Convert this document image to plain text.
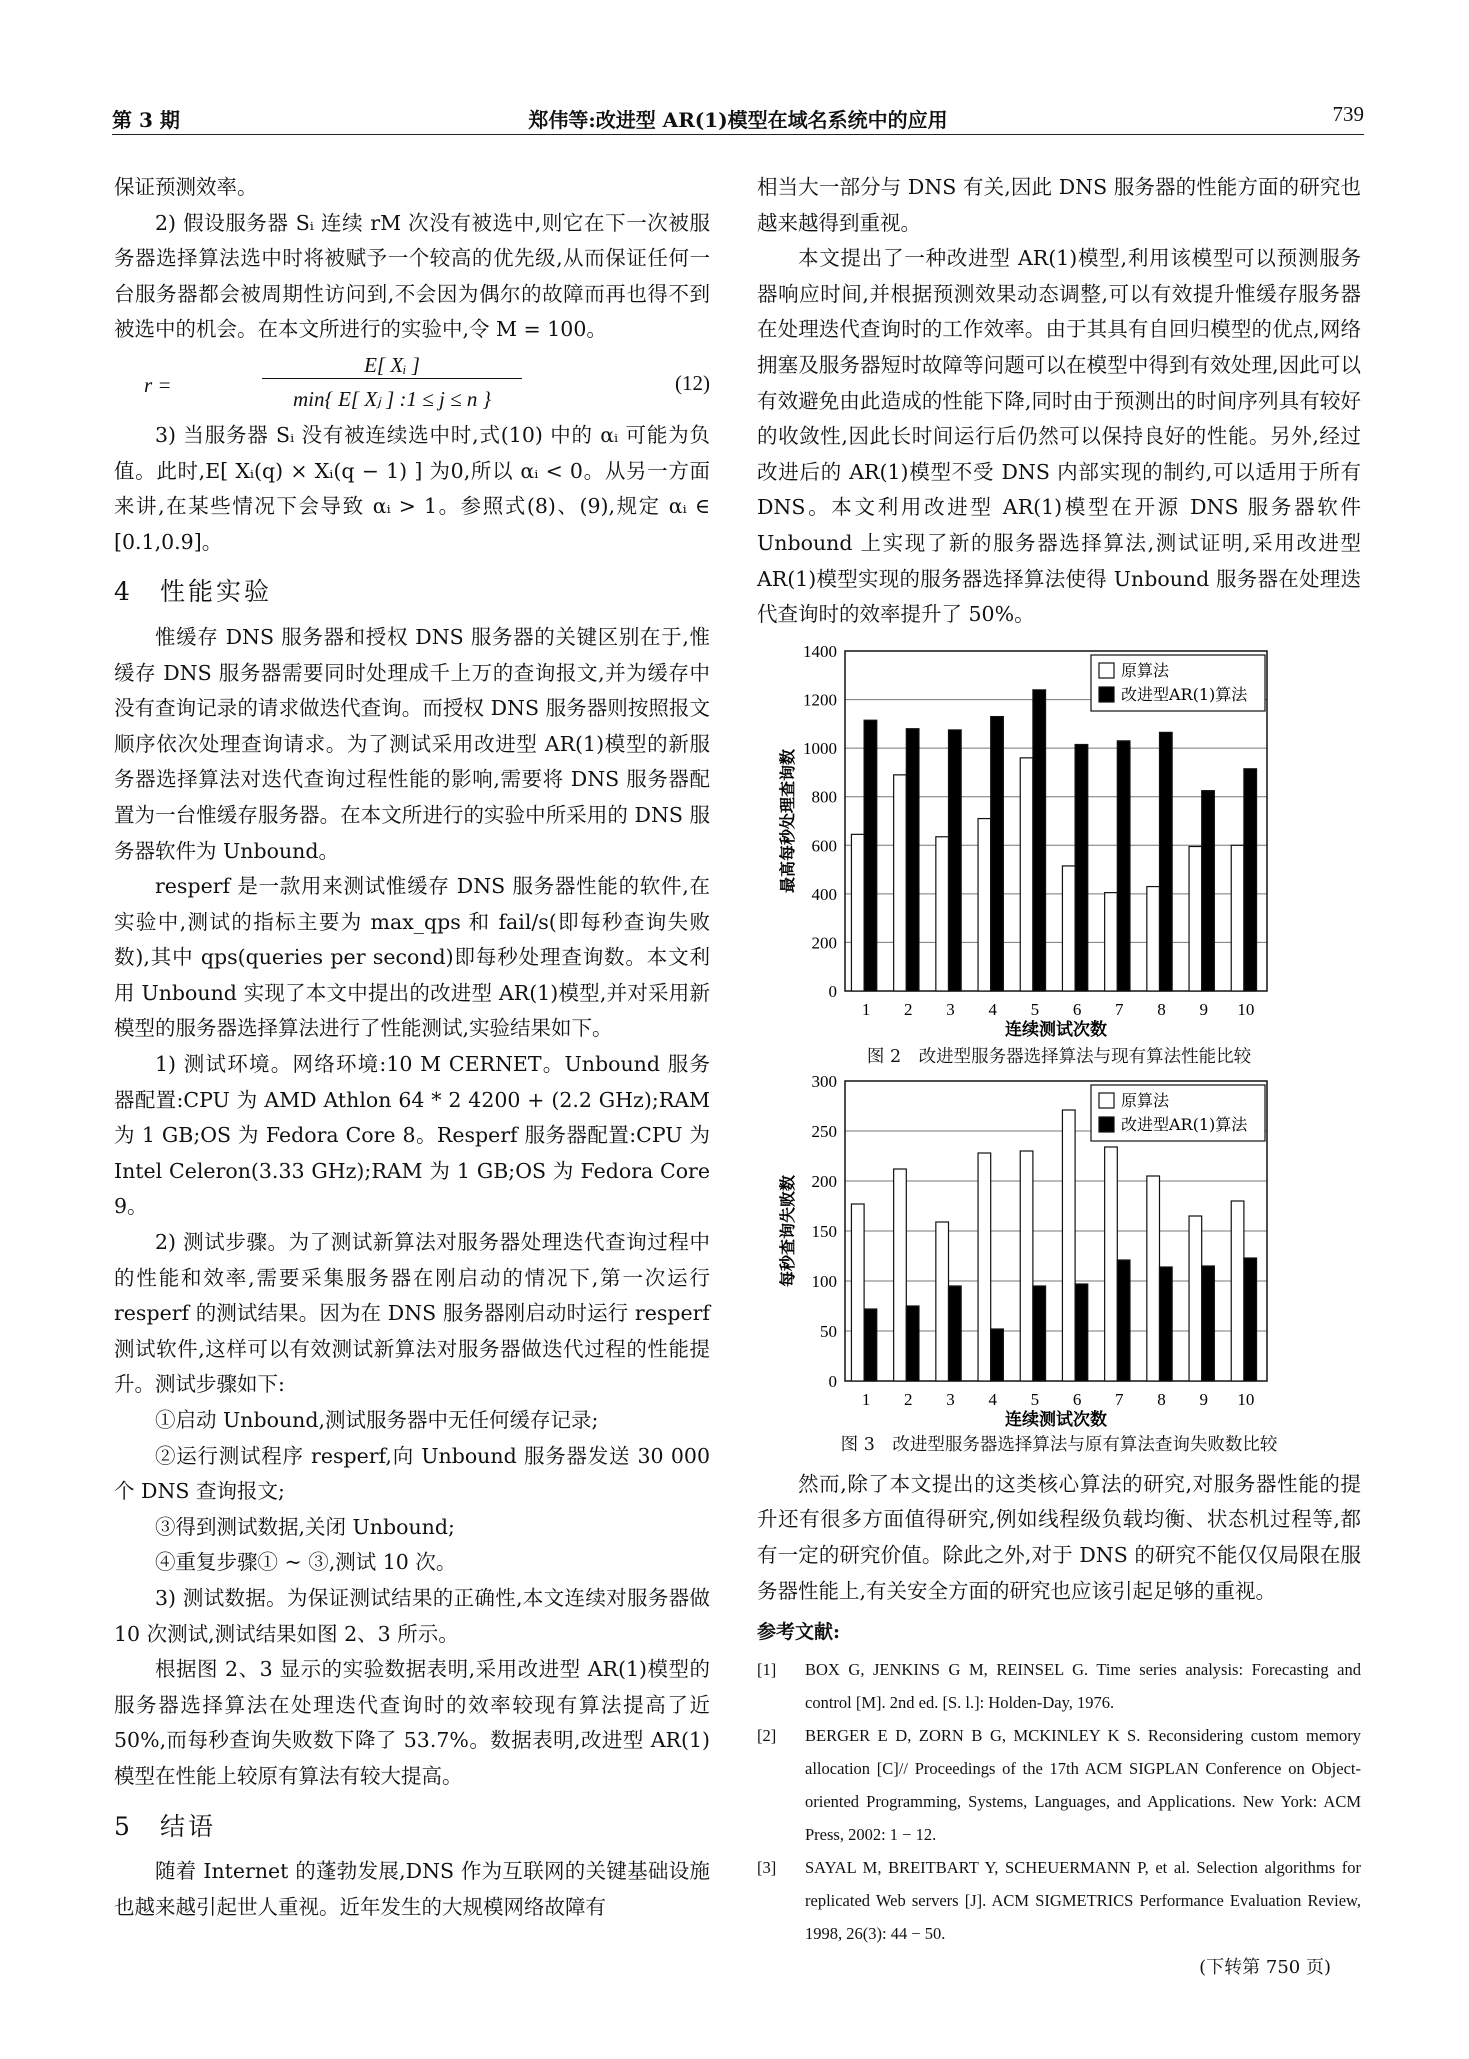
第 3 期	郑伟等:改进型 AR(1)模型在域名系统中的应用	739

保证预测效率。

2) 假设服务器 Sᵢ 连续 rM 次没有被选中,则它在下一次被服务器选择算法选中时将被赋予一个较高的优先级,从而保证任何一台服务器都会被周期性访问到,不会因为偶尔的故障而再也得不到被选中的机会。在本文所进行的实验中,令 M = 100。

r =
E[ Xᵢ ]
min{ E[ Xⱼ ] :1 ≤ j ≤ n }
(12)

3) 当服务器 Sᵢ 没有被连续选中时,式(10) 中的 αᵢ 可能为负值。此时,E[ Xᵢ(q) × Xᵢ(q − 1) ] 为0,所以 αᵢ < 0。从另一方面来讲,在某些情况下会导致 αᵢ > 1。参照式(8)、(9),规定 αᵢ ∈ [0.1,0.9]。

4 性能实验

惟缓存 DNS 服务器和授权 DNS 服务器的关键区别在于,惟缓存 DNS 服务器需要同时处理成千上万的查询报文,并为缓存中没有查询记录的请求做迭代查询。而授权 DNS 服务器则按照报文顺序依次处理查询请求。为了测试采用改进型 AR(1)模型的新服务器选择算法对迭代查询过程性能的影响,需要将 DNS 服务器配置为一台惟缓存服务器。在本文所进行的实验中所采用的 DNS 服务器软件为 Unbound。

resperf 是一款用来测试惟缓存 DNS 服务器性能的软件,在实验中,测试的指标主要为 max_qps 和 fail/s(即每秒查询失败数),其中 qps(queries per second)即每秒处理查询数。本文利用 Unbound 实现了本文中提出的改进型 AR(1)模型,并对采用新模型的服务器选择算法进行了性能测试,实验结果如下。

1) 测试环境。网络环境:10 M CERNET。Unbound 服务器配置:CPU 为 AMD Athlon 64 * 2 4200 + (2.2 GHz);RAM 为 1 GB;OS 为 Fedora Core 8。Resperf 服务器配置:CPU 为 Intel Celeron(3.33 GHz);RAM 为 1 GB;OS 为 Fedora Core 9。

2) 测试步骤。为了测试新算法对服务器处理迭代查询过程中的性能和效率,需要采集服务器在刚启动的情况下,第一次运行 resperf 的测试结果。因为在 DNS 服务器刚启动时运行 resperf 测试软件,这样可以有效测试新算法对服务器做迭代过程的性能提升。测试步骤如下:

①启动 Unbound,测试服务器中无任何缓存记录;

②运行测试程序 resperf,向 Unbound 服务器发送 30 000 个 DNS 查询报文;

③得到测试数据,关闭 Unbound;

④重复步骤① ~ ③,测试 10 次。

3) 测试数据。为保证测试结果的正确性,本文连续对服务器做 10 次测试,测试结果如图 2、3 所示。

根据图 2、3 显示的实验数据表明,采用改进型 AR(1)模型的服务器选择算法在处理迭代查询时的效率较现有算法提高了近 50%,而每秒查询失败数下降了 53.7%。数据表明,改进型 AR(1)模型在性能上较原有算法有较大提高。

5 结语

随着 Internet 的蓬勃发展,DNS 作为互联网的关键基础设施也越来越引起世人重视。近年发生的大规模网络故障有

相当大一部分与 DNS 有关,因此 DNS 服务器的性能方面的研究也越来越得到重视。

本文提出了一种改进型 AR(1)模型,利用该模型可以预测服务器响应时间,并根据预测效果动态调整,可以有效提升惟缓存服务器在处理迭代查询时的工作效率。由于其具有自回归模型的优点,网络拥塞及服务器短时故障等问题可以在模型中得到有效处理,因此可以有效避免由此造成的性能下降,同时由于预测出的时间序列具有较好的收敛性,因此长时间运行后仍然可以保持良好的性能。另外,经过改进后的 AR(1)模型不受 DNS 内部实现的制约,可以适用于所有 DNS。本文利用改进型 AR(1)模型在开源 DNS 服务器软件 Unbound 上实现了新的服务器选择算法,测试证明,采用改进型 AR(1)模型实现的服务器选择算法使得 Unbound 服务器在处理迭代查询时的效率提升了 50%。

0
200
400
600
800
1000
1200
1400
1 2 3 4 5 6 7 8 9 10
连续测试次数
最高每秒处理查询数
原算法
改进型AR(1)算法
图 2　改进型服务器选择算法与现有算法性能比较
0
50
100
150
200
250
300
1 2 3 4 5 6 7 8 9 10
连续测试次数
每秒查询失败数
原算法
改进型AR(1)算法
图 3　改进型服务器选择算法与原有算法查询失败数比较

然而,除了本文提出的这类核心算法的研究,对服务器性能的提升还有很多方面值得研究,例如线程级负载均衡、状态机过程等,都有一定的研究价值。除此之外,对于 DNS 的研究不能仅仅局限在服务器性能上,有关安全方面的研究也应该引起足够的重视。

参考文献:
[1] BOX G, JENKINS G M, REINSEL G. Time series analysis: Forecasting and control [M]. 2nd ed. [S. l.]: Holden-Day, 1976.
[2] BERGER E D, ZORN B G, MCKINLEY K S. Reconsidering custom memory allocation [C]// Proceedings of the 17th ACM SIGPLAN Conference on Object-oriented Programming, Systems, Languages, and Applications. New York: ACM Press, 2002: 1 − 12.
[3] SAYAL M, BREITBART Y, SCHEUERMANN P, et al. Selection algorithms for replicated Web servers [J]. ACM SIGMETRICS Performance Evaluation Review, 1998, 26(3): 44 − 50.
(下转第 750 页)
